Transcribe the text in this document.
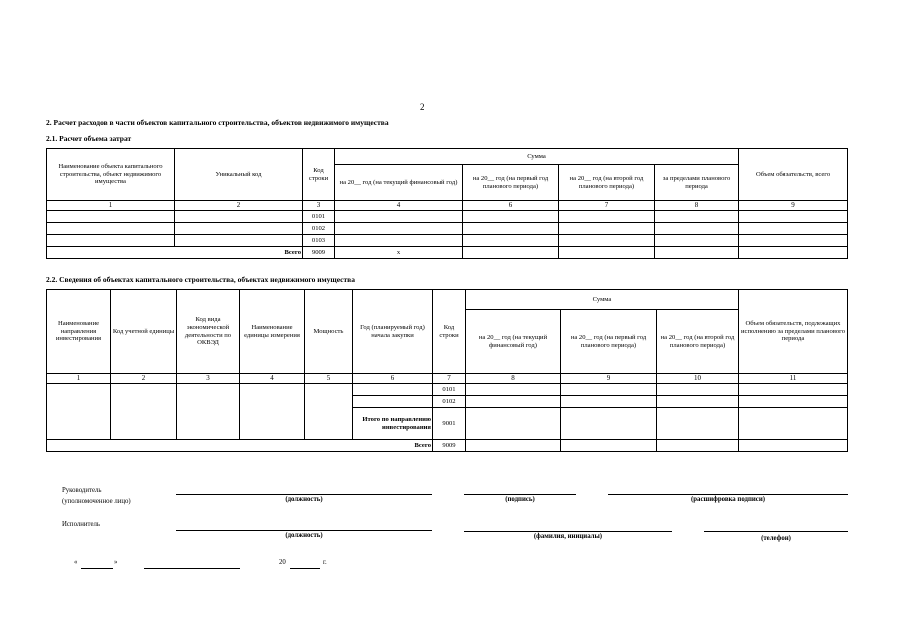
2
2. Расчет расходов в части объектов капитального строительства, объектов недвижимого имущества
2.1. Расчет объема затрат
Наименование объекта капитального строительства, объект недвижимого имущества	Уникальный код	Код строки	Сумма				Объем обязательств, всего
			на 20__ год (на текущий финансовый год)	на 20__ год (на первый год планового периода)	на 20__ год (на второй год планового периода)	за пределами планового периода	
1	2	3	4	6	7	8	9
		0101					
		0102					
		0103					
Всего		9009	x				
2.2. Сведения об объектах капитального строительства, объектах недвижимого имущества
Наименование направления инвестирования	Код учетной единицы	Код вида экономической деятельности по ОКВЭД	Наименование единицы измерения	Мощность	Год (планируемый год) начала закупки	Код строки	Сумма			Объем обязательств, подлежащих исполнению за пределами планового периода
							на 20__ год (на текущий финансовый год)	на 20__ год (на первый год планового периода)	на 20__ год (на второй год планового периода)	
1	2	3	4	5	6	7	8	9	10	11
						0101				
						0102				
					Итого по направлению инвестирования	9001				
Всего						9009				
Руководитель
(уполномоченное лицо)	(должность)	(подпись)	(расшифровка подписи)
Исполнитель
(должность)	(фамилия, инициалы)	(телефон)
«	»	20	г.
